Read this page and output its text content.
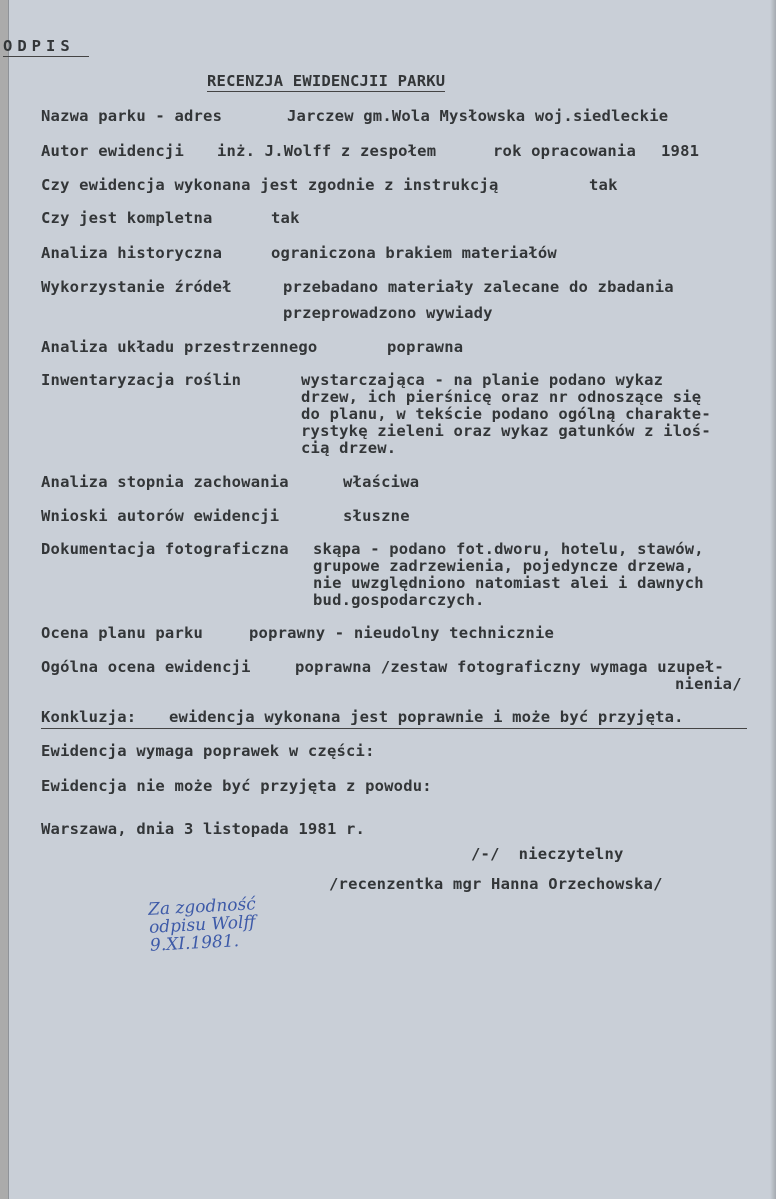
ODPIS
RECENZJA EWIDENCJII PARKU
Nazwa parku - adres	Jarczew gm.Wola Mysłowska woj.siedleckie
Autor ewidencji inż. J.Wolff z zespołem	rok opracowania 1981
Czy ewidencja wykonana jest zgodnie z instrukcją	tak
Czy jest kompletna	tak
Analiza historyczna	ograniczona brakiem materiałów
Wykorzystanie źródeł	przebadano materiały zalecane do zbadania
przeprowadzono wywiady
Analiza układu przestrzennego	poprawna
Inwentaryzacja roślin	wystarczająca - na planie podano wykaz
drzew, ich pierśnicę oraz nr odnoszące się
do planu, w tekście podano ogólną charakte-
rystykę zieleni oraz wykaz gatunków z iloś-
cią drzew.
Analiza stopnia zachowania	właściwa
Wnioski autorów ewidencji	słuszne
Dokumentacja fotograficzna skąpa - podano fot.dworu, hotelu, stawów,
grupowe zadrzewienia, pojedyncze drzewa,
nie uwzględniono natomiast alei i dawnych
bud.gospodarczych.
Ocena planu parku	poprawny - nieudolny technicznie
Ogólna ocena ewidencji	poprawna /zestaw fotograficzny wymaga uzupeł-
nienia/
Konkluzja: ewidencja wykonana jest poprawnie i może być przyjęta.
Ewidencja wymaga poprawek w części:
Ewidencja nie może być przyjęta z powodu:
Warszawa, dnia 3 listopada 1981 r.
/-/  nieczytelny
/recenzentka mgr Hanna Orzechowska/
Za zgodność
odpisu Wolff
9.XI.1981.
